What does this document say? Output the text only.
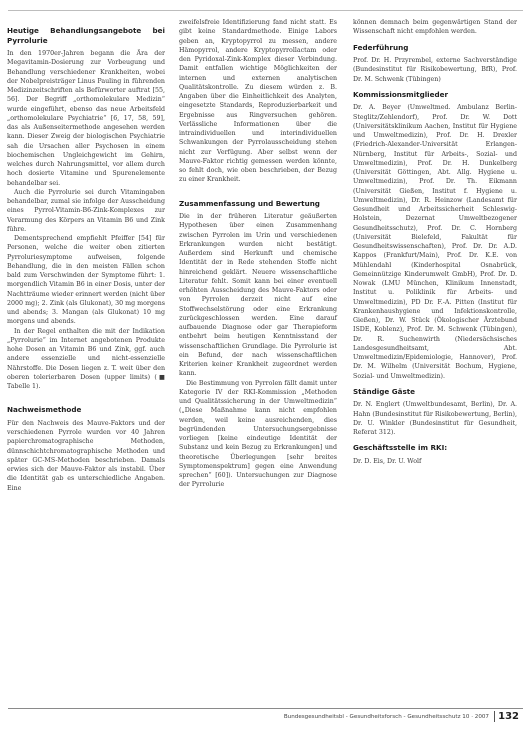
Heutige Behandlungsangebote bei Pyrrolurie

In den 1970er-Jahren begann die Ära der Megavitamin-Dosierung zur Vorbeugung und Behandlung verschiedener Krankheiten, wobei der Nobelpreisträger Linus Pauling in führenden Medizinzeitschriften als Befürworter auftrat [55, 56]. Der Begriff „orthomolekulare Medizin“ wurde eingeführt, ebenso das neue Arbeitsfeld „orthomolekulare Psychiatrie“ [6, 17, 58, 59], das als Außenseitermethode angesehen werden kann. Dieser Zweig der biologischen Psychiatrie sah die Ursachen aller Psychosen in einem biochemischen Ungleichgewicht im Gehirn, welches durch Nahrungsmittel, vor allem durch hoch dosierte Vitamine und Spurenelemente behandelbar sei.

Auch die Pyrrolurie sei durch Vitamingaben behandelbar, zumal sie infolge der Ausscheidung eines Pyrrol-Vitamin-B6-Zink-Komplexes zur Verarmung des Körpers an Vitamin B6 und Zink führe.

Dementsprechend empfiehlt Pfeiffer [54] für Personen, welche die weiter oben zitierten Pyrroluriesymptome aufweisen, folgende Behandlung, die in den meisten Fällen schon bald zum Verschwinden der Symptome führt: 1. morgendlich Vitamin B6 in einer Dosis, unter der Nachtträume wieder erinnert werden (nicht über 2000 mg); 2. Zink (als Glukonat), 30 mg morgens und abends; 3. Mangan (als Glukonat) 10 mg morgens und abends.

In der Regel enthalten die mit der Indikation „Pyrrolurie“ im Internet angebotenen Produkte hohe Dosen an Vitamin B6 und Zink, ggf. auch andere essenzielle und nicht-essenzielle Nährstoffe. Die Dosen liegen z. T. weit über den oberen tolerierbaren Dosen (upper limits) (■ Tabelle 1).

Nachweismethode

Für den Nachweis des Mauve-Faktors und der verschiedenen Pyrrole wurden vor 40 Jahren papierchromatographische Methoden, dünnschichtchromatographische Methoden und später GC-MS-Methoden beschrieben. Damals erwies sich der Mauve-Faktor als instabil. Über die Identität gab es unterschiedliche Angaben. Eine

zweifelsfreie Identifizierung fand nicht statt. Es gibt keine Standardmethode. Einige Labors geben an, Kryptopyrrol zu messen, andere Hämopyrrol, andere Kryptopyrrollactam oder den Pyridoxal-Zink-Komplex dieser Verbindung. Damit entfallen wichtige Möglichkeiten der internen und externen analytischen Qualitätskontrolle. Zu diesem würden z. B. Angaben über die Einheitlichkeit des Analyten, eingesetzte Standards, Reproduzierbarkeit und Ergebnisse aus Ringversuchen gehören. Verlässliche Informationen über die intraindividuellen und interindividuellen Schwankungen der Pyrrolausscheidung stehen nicht zur Verfügung. Aber selbst wenn der Mauve-Faktor richtig gemessen werden könnte, so fehlt doch, wie oben beschrieben, der Bezug zu einer Krankheit.

Zusammenfassung und Bewertung

Die in der früheren Literatur geäußerten Hypothesen über einen Zusammenhang zwischen Pyrrolen im Urin und verschiedenen Erkrankungen wurden nicht bestätigt. Außerdem sind Herkunft und chemische Identität der in Rede stehenden Stoffe nicht hinreichend geklärt. Neuere wissenschaftliche Literatur fehlt. Somit kann bei einer eventuell erhöhten Ausscheidung des Mauve-Faktors oder von Pyrrolen derzeit nicht auf eine Stoffwechselstörung oder eine Erkrankung zurückgeschlossen werden. Eine darauf aufbauende Diagnose oder gar Therapieform entbehrt beim heutigen Kenntnisstand der wissenschaftlichen Grundlage. Die Pyrrolurie ist ein Befund, der nach wissenschaftlichen Kriterien keiner Krankheit zugeordnet werden kann.

Die Bestimmung von Pyrrolen fällt damit unter Kategorie IV der RKI-Kommission „Methoden und Qualitätssicherung in der Umweltmedizin“ („Diese Maßnahme kann nicht empfohlen werden, weil keine ausreichenden, dies begründenden Untersuchungsergebnisse vorliegen [keine eindeutige Identität der Substanz und kein Bezug zu Erkrankungen] und theoretische Überlegungen [sehr breites Symptomenspektrum] gegen eine Anwendung sprechen“ [60]). Untersuchungen zur Diagnose der Pyrrolurie

können demnach beim gegenwärtigen Stand der Wissenschaft nicht empfohlen werden.

Federführung

Prof. Dr. H. Przyrembel, externe Sachverständige (Bundesinstitut für Risikobewertung, BfR), Prof. Dr. M. Schwenk (Tübingen)

Kommissionsmitglieder

Dr. A. Beyer (Umweltmed. Ambulanz Berlin-Steglitz/Zehlendorf), Prof. Dr. W. Dott (Universitätsklinikum Aachen, Institut für Hygiene und Umweltmedizin), Prof. Dr. H. Drexler (Friedrich-Alexander-Universität Erlangen-Nürnberg, Institut für Arbeits-, Sozial- und Umweltmedizin), Prof. Dr. H. Dunkelberg (Universität Göttingen, Abt. Allg. Hygiene u. Umweltmedizin), Prof. Dr. Th. Eikmann (Universität Gießen, Institut f. Hygiene u. Umweltmedizin), Dr. R. Heinzow (Landesamt für Gesundheit und Arbeitssicherheit Schleswig-Holstein, Dezernat Umweltbezogener Gesundheitsschutz), Prof. Dr. C. Hornberg (Universität Bielefeld, Fakultät für Gesundheitswissenschaften), Prof. Dr. Dr. A.D. Kappos (Frankfurt/Main), Prof. Dr. K.E. von Mühlendahl (Kinderhospital Osnabrück, Gemeinnützige Kinderumwelt GmbH), Prof. Dr. D. Nowak (LMU München, Klinikum Innenstadt, Institut u. Poliklinik für Arbeits- und Umweltmedizin), PD Dr. F.-A. Pitten (Institut für Krankenhaushygiene und Infektionskontrolle, Gießen), Dr. W. Stück (Ökologischer Ärztebund ISDE, Koblenz), Prof. Dr. M. Schwenk (Tübingen), Dr. R. Suchenwirth (Niedersächsisches Landesgesundheitsamt, Abt. Umweltmedizin/Epidemiologie, Hannover), Prof. Dr. M. Wilhelm (Universität Bochum, Hygiene, Sozial- und Umweltmedizin).

Ständige Gäste

Dr. N. Englert (Umweltbundesamt, Berlin), Dr. A. Hahn (Bundesinstitut für Risikobewertung, Berlin), Dr. U. Winkler (Bundesinstitut für Gesundheit, Referat 312).

Geschäftsstelle im RKI:

Dr. D. Eis, Dr. U. Wolf

Bundesgesundheitsbl - Gesundheitsforsch - Gesundheitsschutz 10 · 2007 132
